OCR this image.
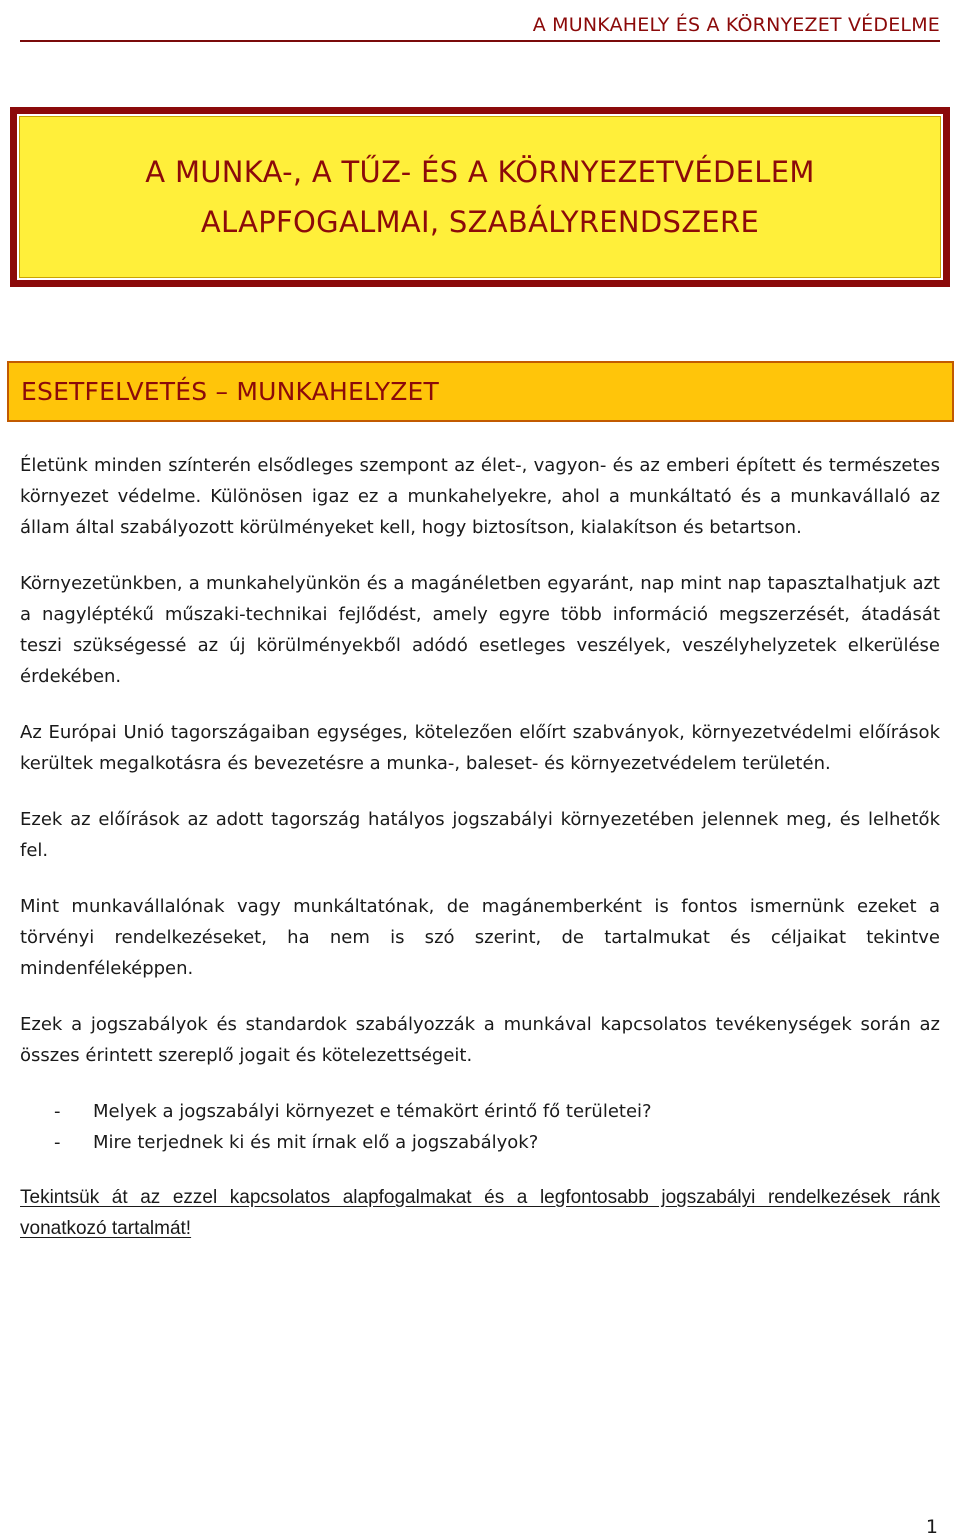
A MUNKAHELY ÉS A KÖRNYEZET VÉDELME
A MUNKA-, A TŰZ- ÉS A KÖRNYEZETVÉDELEM
ALAPFOGALMAI, SZABÁLYRENDSZERE
ESETFELVETÉS – MUNKAHELYZET

Életünk minden színterén elsődleges szempont az élet-, vagyon- és az emberi épített és természetes környezet védelme. Különösen igaz ez a munkahelyekre, ahol a munkáltató és a munkavállaló az állam által szabályozott körülményeket kell, hogy biztosítson, kialakítson és betartson.

Környezetünkben, a munkahelyünkön és a magánéletben egyaránt, nap mint nap tapasztalhatjuk azt a nagyléptékű műszaki-technikai fejlődést, amely egyre több információ megszerzését, átadását teszi szükségessé az új körülményekből adódó esetleges veszélyek, veszélyhelyzetek elkerülése érdekében.

Az Európai Unió tagországaiban egységes, kötelezően előírt szabványok, környezetvédelmi előírások kerültek megalkotásra és bevezetésre a munka-, baleset- és környezetvédelem területén.

Ezek az előírások az adott tagország hatályos jogszabályi környezetében jelennek meg, és lelhetők fel.

Mint munkavállalónak vagy munkáltatónak, de magánemberként is fontos ismernünk ezeket a törvényi rendelkezéseket, ha nem is szó szerint, de tartalmukat és céljaikat tekintve mindenféleképpen.

Ezek a jogszabályok és standardok szabályozzák a munkával kapcsolatos tevékenységek során az összes érintett szereplő jogait és kötelezettségeit.

- Melyek a jogszabályi környezet e témakört érintő fő területei?
- Mire terjednek ki és mit írnak elő a jogszabályok?

Tekintsük át az ezzel kapcsolatos alapfogalmakat és a legfontosabb jogszabályi rendelkezések ránk vonatkozó tartalmát!

1
